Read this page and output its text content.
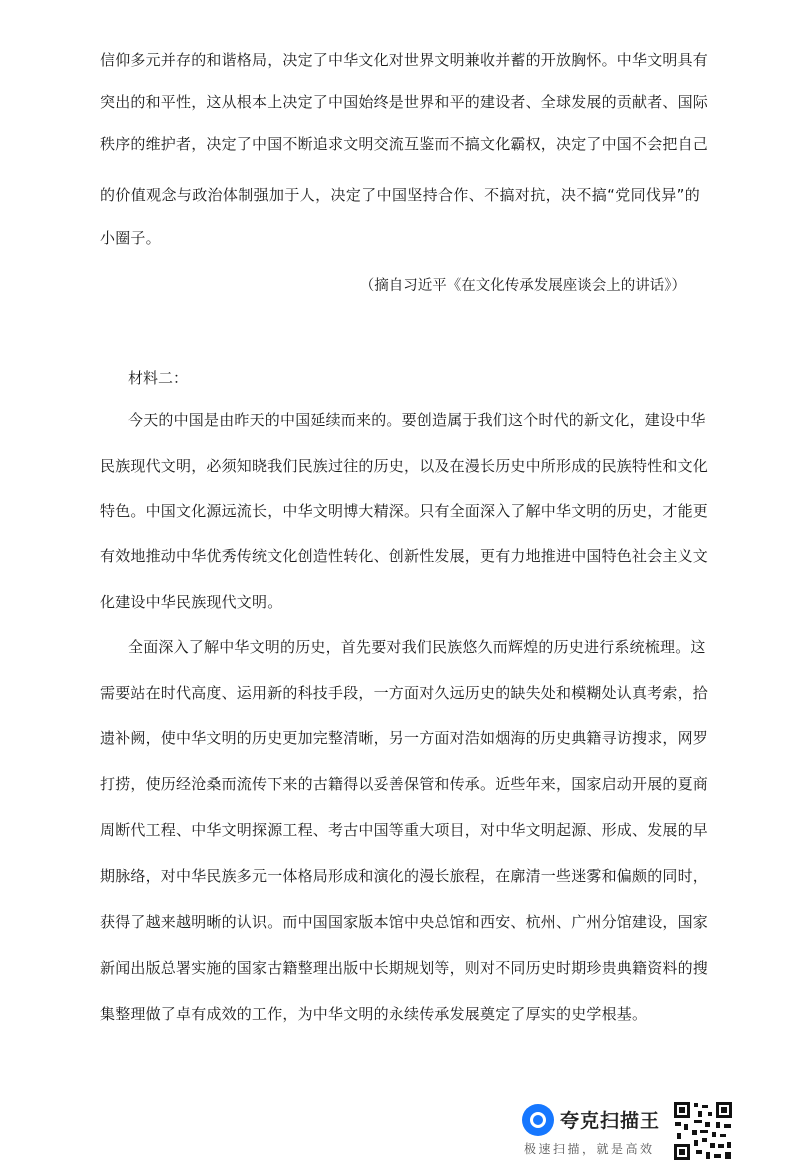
信仰多元并存的和谐格局，决定了中华文化对世界文明兼收并蓄的开放胸怀。中华文明具有
突出的和平性，这从根本上决定了中国始终是世界和平的建设者、全球发展的贡献者、国际
秩序的维护者，决定了中国不断追求文明交流互鉴而不搞文化霸权，决定了中国不会把自己
的价值观念与政治体制强加于人，决定了中国坚持合作、不搞对抗，决不搞“党同伐异”的
小圈子。
（摘自习近平《在文化传承发展座谈会上的讲话》）
材料二：
今天的中国是由昨天的中国延续而来的。要创造属于我们这个时代的新文化，建设中华
民族现代文明，必须知晓我们民族过往的历史，以及在漫长历史中所形成的民族特性和文化
特色。中国文化源远流长，中华文明博大精深。只有全面深入了解中华文明的历史，才能更
有效地推动中华优秀传统文化创造性转化、创新性发展，更有力地推进中国特色社会主义文
化建设中华民族现代文明。
全面深入了解中华文明的历史，首先要对我们民族悠久而辉煌的历史进行系统梳理。这
需要站在时代高度、运用新的科技手段，一方面对久远历史的缺失处和模糊处认真考索，拾
遗补阙，使中华文明的历史更加完整清晰，另一方面对浩如烟海的历史典籍寻访搜求，网罗
打捞，使历经沧桑而流传下来的古籍得以妥善保管和传承。近些年来，国家启动开展的夏商
周断代工程、中华文明探源工程、考古中国等重大项目，对中华文明起源、形成、发展的早
期脉络，对中华民族多元一体格局形成和演化的漫长旅程，在廓清一些迷雾和偏颇的同时，
获得了越来越明晰的认识。而中国国家版本馆中央总馆和西安、杭州、广州分馆建设，国家
新闻出版总署实施的国家古籍整理出版中长期规划等，则对不同历史时期珍贵典籍资料的搜
集整理做了卓有成效的工作，为中华文明的永续传承发展奠定了厚实的史学根基。
夸克扫描王
极速扫描，就是高效
